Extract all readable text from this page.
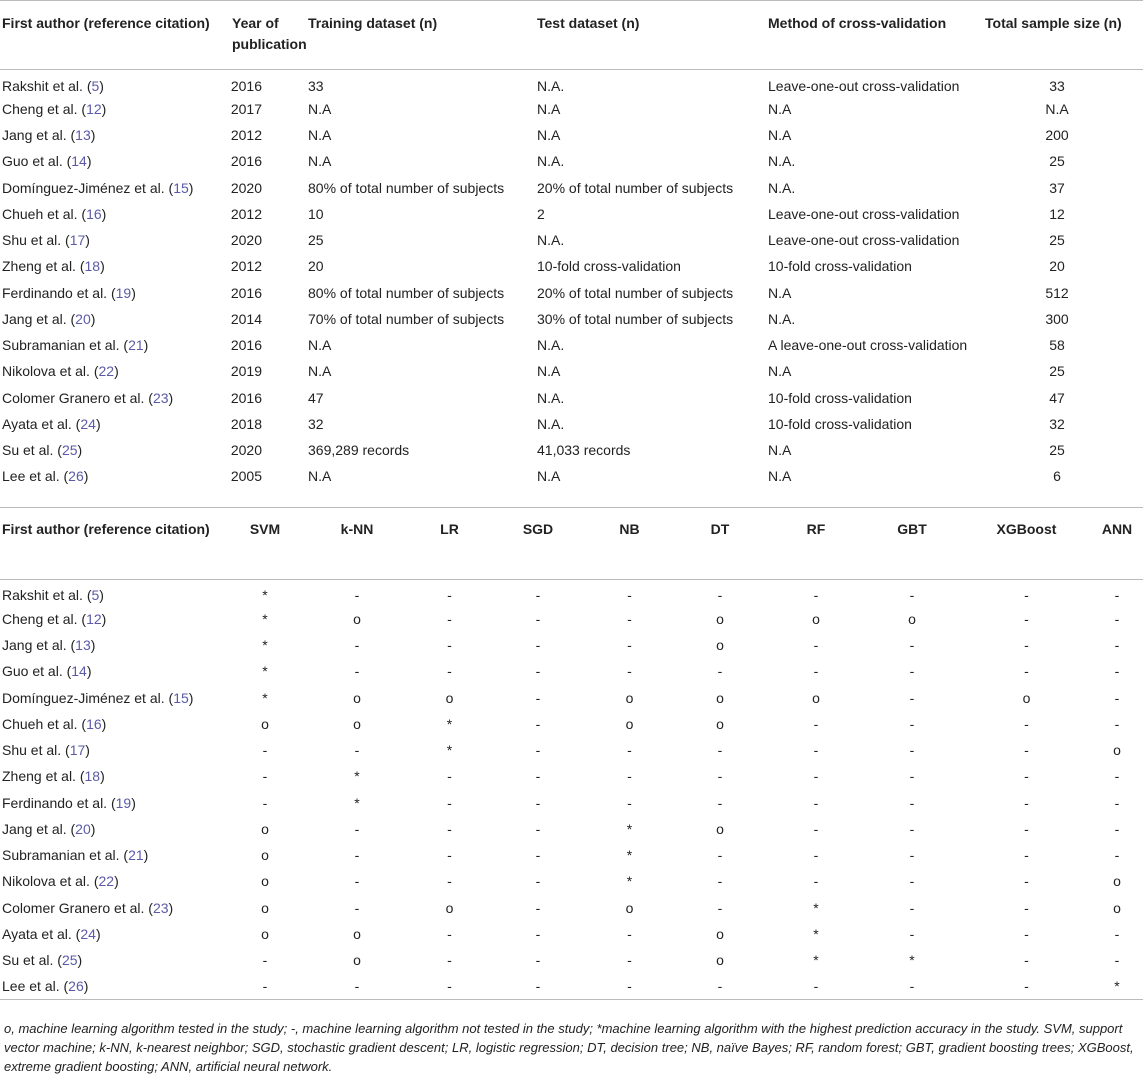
First author (reference citation)	Year of publication	Training dataset (n)	Test dataset (n)	Method of cross-validation	Total sample size (n)
Rakshit et al. (5)	2016	33	N.A.	Leave-one-out cross-validation	33
Cheng et al. (12)	2017	N.A	N.A	N.A	N.A
Jang et al. (13)	2012	N.A	N.A	N.A	200
Guo et al. (14)	2016	N.A	N.A.	N.A.	25
Domínguez-Jiménez et al. (15)	2020	80% of total number of subjects	20% of total number of subjects	N.A.	37
Chueh et al. (16)	2012	10	2	Leave-one-out cross-validation	12
Shu et al. (17)	2020	25	N.A.	Leave-one-out cross-validation	25
Zheng et al. (18)	2012	20	10-fold cross-validation	10-fold cross-validation	20
Ferdinando et al. (19)	2016	80% of total number of subjects	20% of total number of subjects	N.A	512
Jang et al. (20)	2014	70% of total number of subjects	30% of total number of subjects	N.A.	300
Subramanian et al. (21)	2016	N.A	N.A.	A leave-one-out cross-validation	58
Nikolova et al. (22)	2019	N.A	N.A	N.A	25
Colomer Granero et al. (23)	2016	47	N.A.	10-fold cross-validation	47
Ayata et al. (24)	2018	32	N.A.	10-fold cross-validation	32
Su et al. (25)	2020	369,289 records	41,033 records	N.A	25
Lee et al. (26)	2005	N.A	N.A	N.A	6
First author (reference citation)	SVM	k-NN	LR	SGD	NB	DT	RF	GBT	XGBoost	ANN	
Rakshit et al. (5)	*	-	-	-	-	-	-	-	-	-	
Cheng et al. (12)	*	o	-	-	-	o	o	o	-	-	
Jang et al. (13)	*	-	-	-	-	o	-	-	-	-	
Guo et al. (14)	*	-	-	-	-	-	-	-	-	-	
Domínguez-Jiménez et al. (15)	*	o	o	-	o	o	o	-	o	-	
Chueh et al. (16)	o	o	*	-	o	o	-	-	-	-	
Shu et al. (17)	-	-	*	-	-	-	-	-	-	o	
Zheng et al. (18)	-	*	-	-	-	-	-	-	-	-	
Ferdinando et al. (19)	-	*	-	-	-	-	-	-	-	-	
Jang et al. (20)	o	-	-	-	*	o	-	-	-	-	
Subramanian et al. (21)	o	-	-	-	*	-	-	-	-	-	
Nikolova et al. (22)	o	-	-	-	*	-	-	-	-	o	
Colomer Granero et al. (23)	o	-	o	-	o	-	*	-	-	o	
Ayata et al. (24)	o	o	-	-	-	o	*	-	-	-	
Su et al. (25)	-	o	-	-	-	o	*	*	-	-	
Lee et al. (26)	-	-	-	-	-	-	-	-	-	*	
o, machine learning algorithm tested in the study; -, machine learning algorithm not tested in the study; *machine learning algorithm with the highest prediction accuracy in the study. SVM, support vector machine; k-NN, k-nearest neighbor; SGD, stochastic gradient descent; LR, logistic regression; DT, decision tree; NB, naïve Bayes; RF, random forest; GBT, gradient boosting trees; XGBoost, extreme gradient boosting; ANN, artificial neural network.
